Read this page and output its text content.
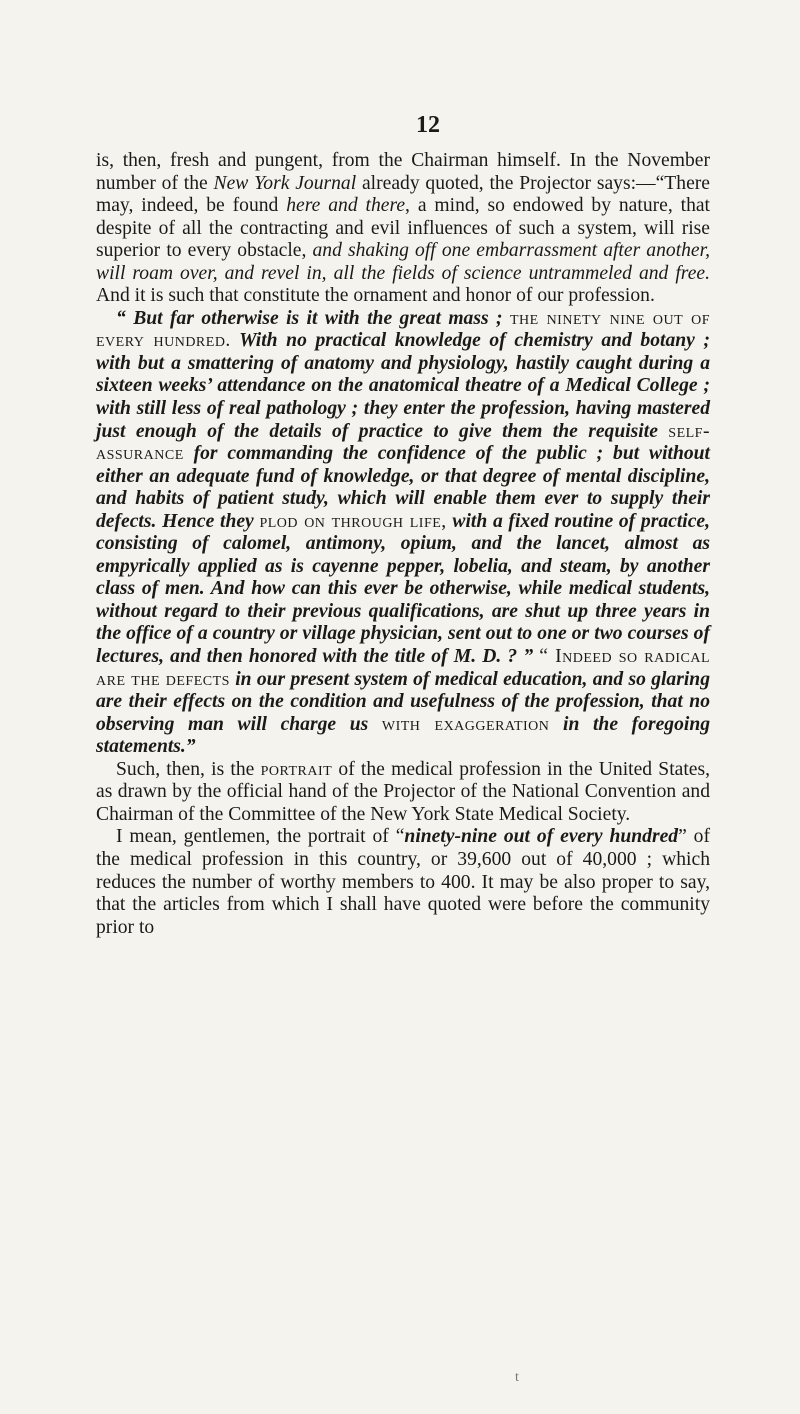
12

is, then, fresh and pungent, from the Chairman himself. In the November number of the New York Journal already quoted, the Projector says:—“There may, indeed, be found here and there, a mind, so endowed by nature, that despite of all the contracting and evil influences of such a system, will rise superior to every obstacle, and shaking off one embarrassment after another, will roam over, and revel in, all the fields of science untrammeled and free. And it is such that constitute the ornament and honor of our profession.

“ But far otherwise is it with the great mass ; the ninety nine out of every hundred. With no practical knowledge of chemistry and botany ; with but a smattering of anatomy and physiology, hastily caught during a sixteen weeks’ attendance on the anatomical theatre of a Medical College ; with still less of real pathology ; they enter the profession, having mastered just enough of the details of practice to give them the requisite self-assurance for commanding the confidence of the public ; but without either an adequate fund of knowledge, or that degree of mental discipline, and habits of patient study, which will enable them ever to supply their defects. Hence they plod on through life, with a fixed routine of practice, consisting of calomel, antimony, opium, and the lancet, almost as empyrically applied as is cayenne pepper, lobelia, and steam, by another class of men. And how can this ever be otherwise, while medical students, without regard to their previous qualifications, are shut up three years in the office of a country or village physician, sent out to one or two courses of lectures, and then honored with the title of M. D. ? ” “ Indeed so radical are the defects in our present system of medical education, and so glaring are their effects on the condition and usefulness of the profession, that no observing man will charge us with exaggeration in the foregoing statements.”

Such, then, is the portrait of the medical profession in the United States, as drawn by the official hand of the Projector of the National Convention and Chairman of the Committee of the New York State Medical Society.

I mean, gentlemen, the portrait of “ninety-nine out of every hundred” of the medical profession in this country, or 39,600 out of 40,000 ; which reduces the number of worthy members to 400. It may be also proper to say, that the articles from which I shall have quoted were before the community prior to

t
